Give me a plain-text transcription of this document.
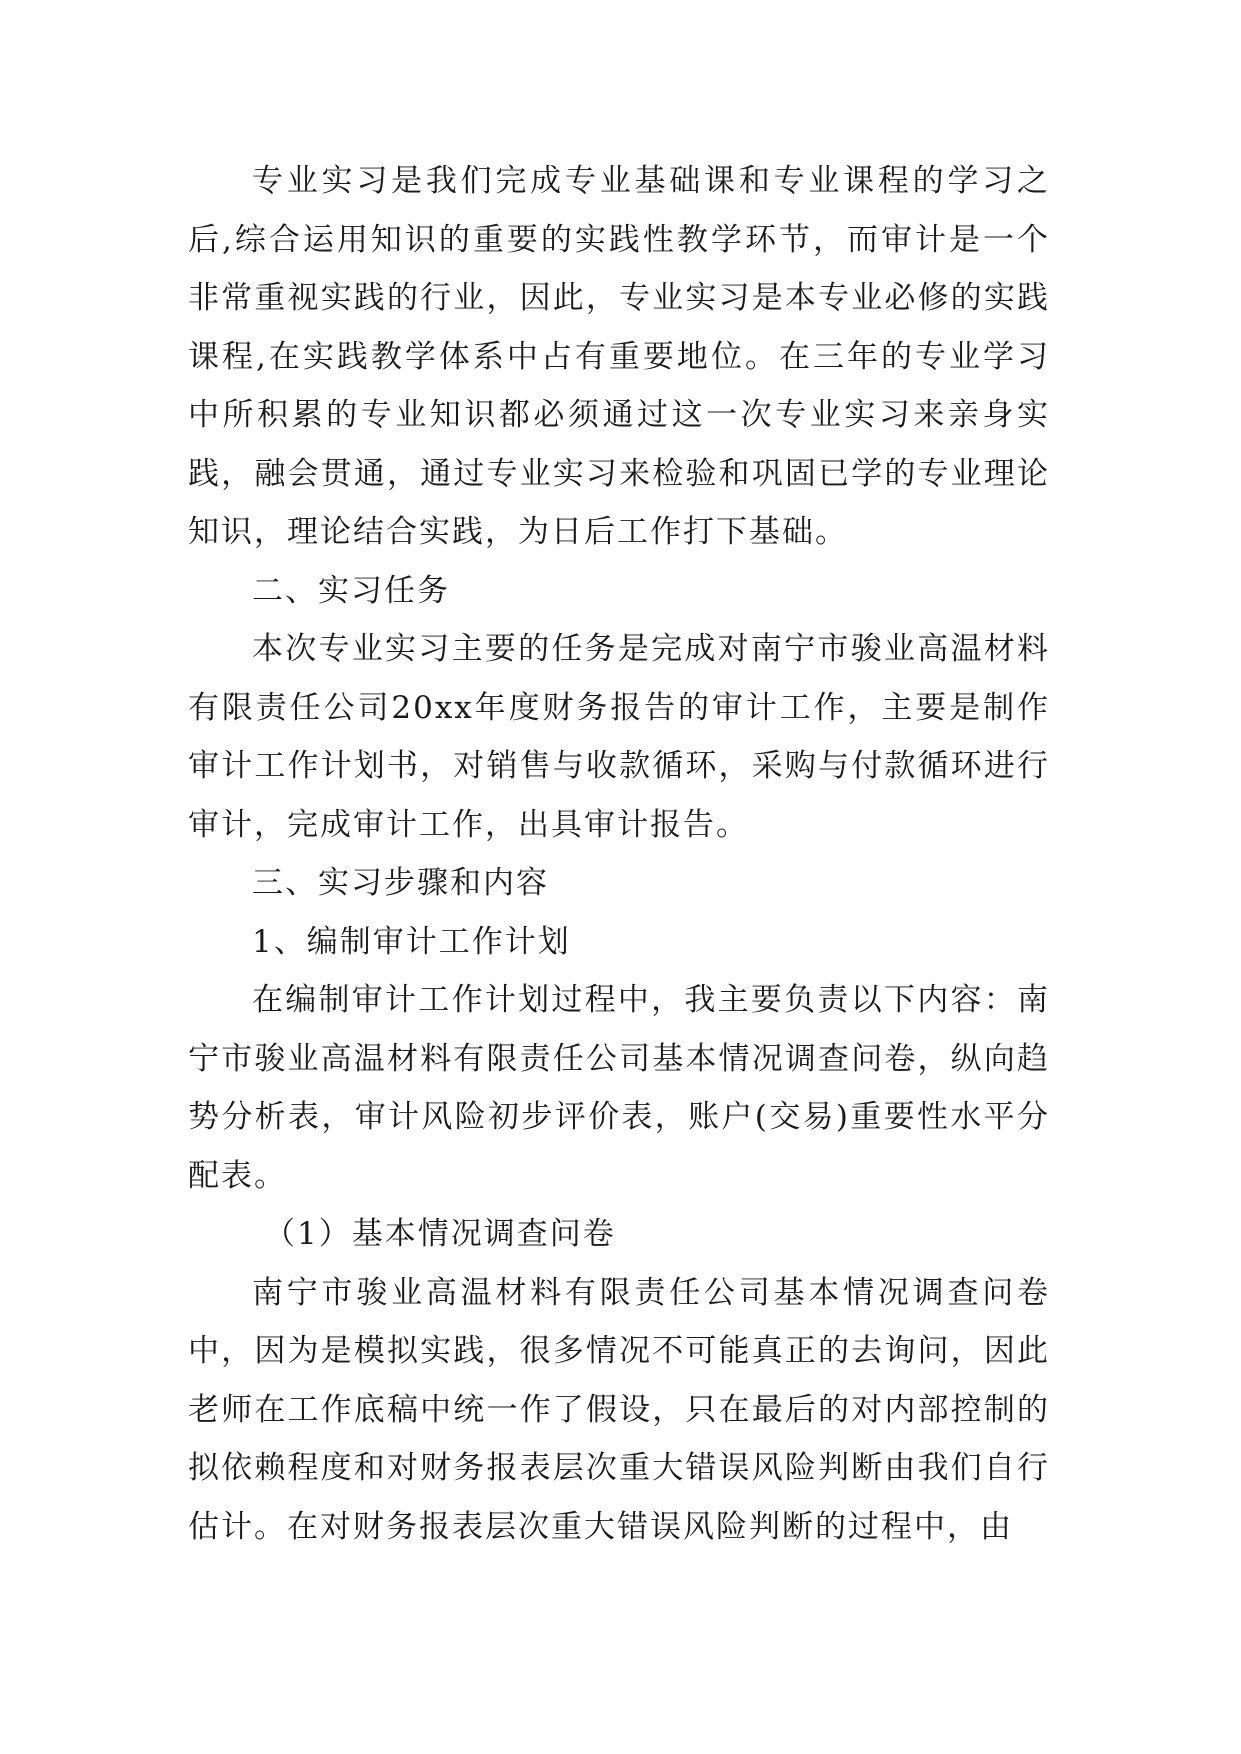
专业实习是我们完成专业基础课和专业课程的学习之后,综合运用知识的重要的实践性教学环节，而审计是一个非常重视实践的行业，因此，专业实习是本专业必修的实践课程,在实践教学体系中占有重要地位。在三年的专业学习中所积累的专业知识都必须通过这一次专业实习来亲身实践，融会贯通，通过专业实习来检验和巩固已学的专业理论知识，理论结合实践，为日后工作打下基础。

二、实习任务

本次专业实习主要的任务是完成对南宁市骏业高温材料有限责任公司20xx年度财务报告的审计工作，主要是制作审计工作计划书，对销售与收款循环，采购与付款循环进行审计，完成审计工作，出具审计报告。

三、实习步骤和内容

1、编制审计工作计划

在编制审计工作计划过程中，我主要负责以下内容：南宁市骏业高温材料有限责任公司基本情况调查问卷，纵向趋势分析表，审计风险初步评价表，账户(交易)重要性水平分配表。

（1）基本情况调查问卷

南宁市骏业高温材料有限责任公司基本情况调查问卷中，因为是模拟实践，很多情况不可能真正的去询问，因此老师在工作底稿中统一作了假设，只在最后的对内部控制的拟依赖程度和对财务报表层次重大错误风险判断由我们自行估计。在对财务报表层次重大错误风险判断的过程中，由
